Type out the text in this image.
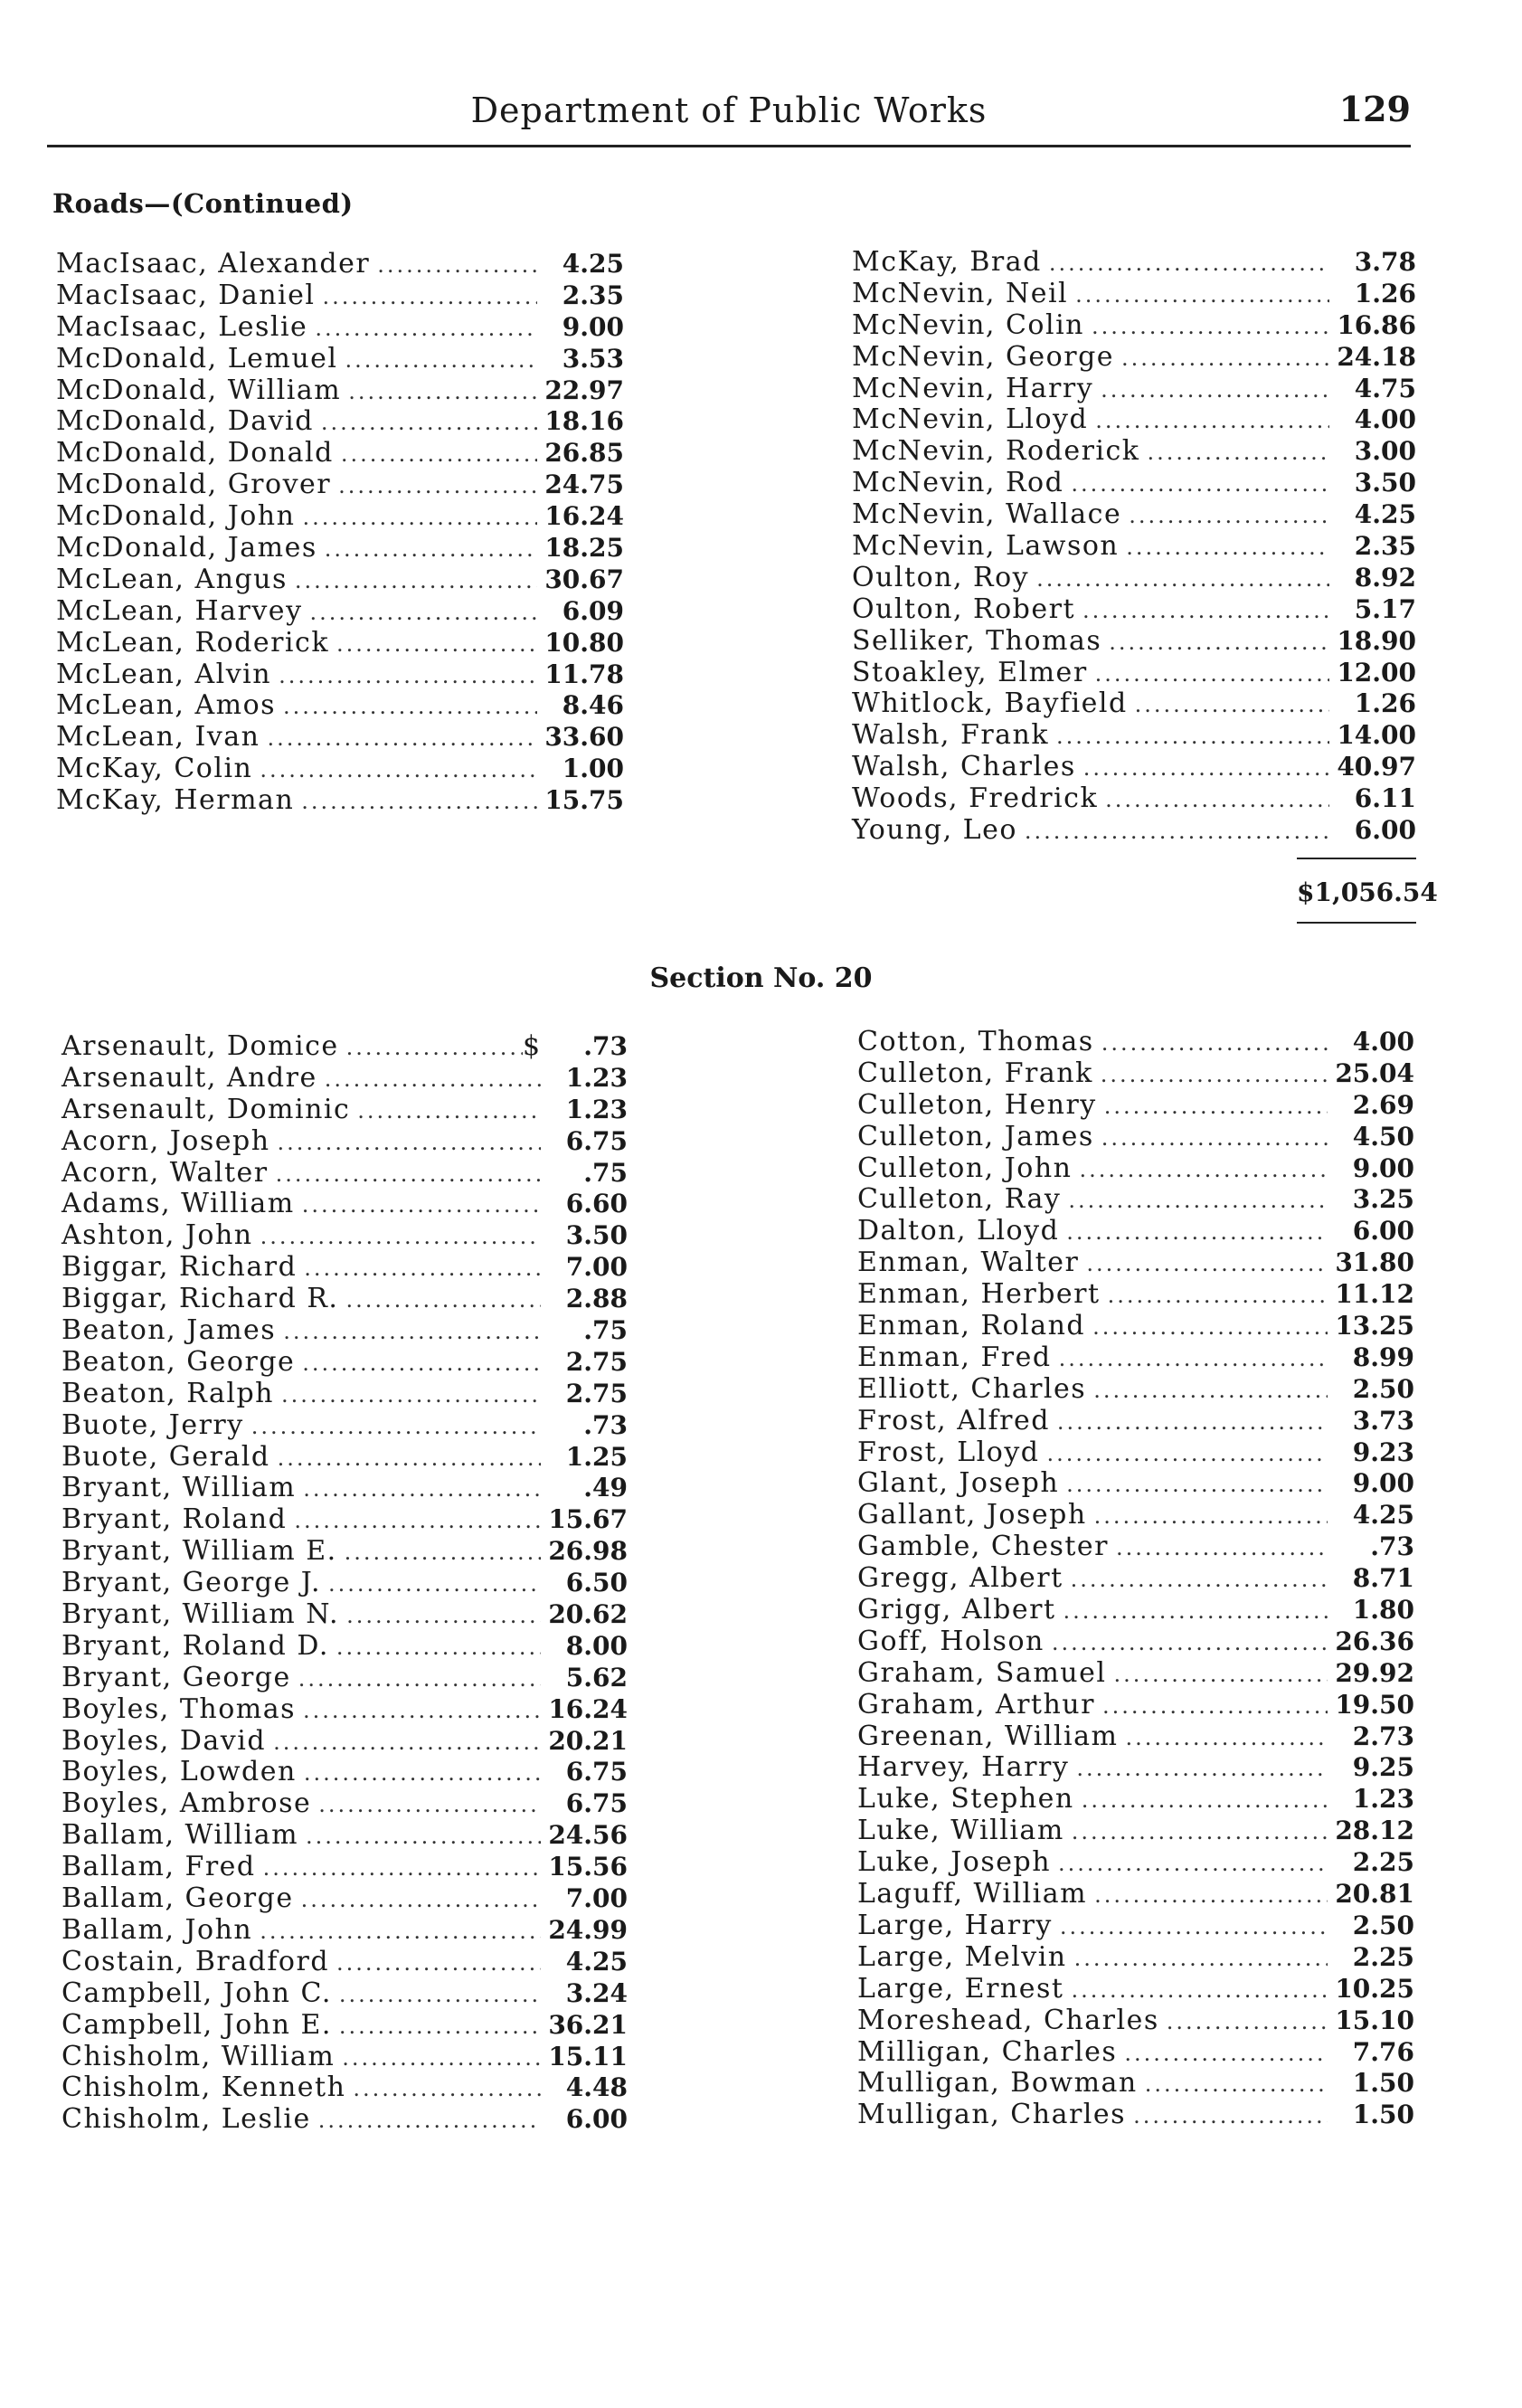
Department of Public Works	129
Roads—(Continued)
MacIsaac, Alexander .....	4.25
MacIsaac, Daniel .....	2.35
MacIsaac, Leslie .....	9.00
McDonald, Lemuel .....	3.53
McDonald, William .....	22.97
McDonald, David .....	18.16
McDonald, Donald .....	26.85
McDonald, Grover .....	24.75
McDonald, John .....	16.24
McDonald, James .....	18.25
McLean, Angus .....	30.67
McLean, Harvey .....	6.09
McLean, Roderick .....	10.80
McLean, Alvin .....	11.78
McLean, Amos .....	8.46
McLean, Ivan .....	33.60
McKay, Colin .....	1.00
McKay, Herman .....	15.75
McKay, Brad .....	3.78
McNevin, Neil .....	1.26
McNevin, Colin .....	16.86
McNevin, George .....	24.18
McNevin, Harry .....	4.75
McNevin, Lloyd .....	4.00
McNevin, Roderick .....	3.00
McNevin, Rod .....	3.50
McNevin, Wallace .....	4.25
McNevin, Lawson .....	2.35
Oulton, Roy .....	8.92
Oulton, Robert .....	5.17
Selliker, Thomas .....	18.90
Stoakley, Elmer .....	12.00
Whitlock, Bayfield .....	1.26
Walsh, Frank .....	14.00
Walsh, Charles .....	40.97
Woods, Fredrick .....	6.11
Young, Leo .....	6.00
$1,056.54
Section No. 20
Arsenault, Domice .....	$	.73
Arsenault, Andre .....	1.23
Arsenault, Dominic .....	1.23
Acorn, Joseph .....	6.75
Acorn, Walter .....	.75
Adams, William .....	6.60
Ashton, John .....	3.50
Biggar, Richard .....	7.00
Biggar, Richard R. .....	2.88
Beaton, James .....	.75
Beaton, George .....	2.75
Beaton, Ralph .....	2.75
Buote, Jerry .....	.73
Buote, Gerald .....	1.25
Bryant, William .....	.49
Bryant, Roland .....	15.67
Bryant, William E. .....	26.98
Bryant, George J. .....	6.50
Bryant, William N. .....	20.62
Bryant, Roland D. .....	8.00
Bryant, George .....	5.62
Boyles, Thomas .....	16.24
Boyles, David .....	20.21
Boyles, Lowden .....	6.75
Boyles, Ambrose .....	6.75
Ballam, William .....	24.56
Ballam, Fred .....	15.56
Ballam, George .....	7.00
Ballam, John .....	24.99
Costain, Bradford .....	4.25
Campbell, John C. .....	3.24
Campbell, John E. .....	36.21
Chisholm, William .....	15.11
Chisholm, Kenneth .....	4.48
Chisholm, Leslie .....	6.00
Cotton, Thomas .....	4.00
Culleton, Frank .....	25.04
Culleton, Henry .....	2.69
Culleton, James .....	4.50
Culleton, John .....	9.00
Culleton, Ray .....	3.25
Dalton, Lloyd .....	6.00
Enman, Walter .....	31.80
Enman, Herbert .....	11.12
Enman, Roland .....	13.25
Enman, Fred .....	8.99
Elliott, Charles .....	2.50
Frost, Alfred .....	3.73
Frost, Lloyd .....	9.23
Glant, Joseph .....	9.00
Gallant, Joseph .....	4.25
Gamble, Chester .....	.73
Gregg, Albert .....	8.71
Grigg, Albert .....	1.80
Goff, Holson .....	26.36
Graham, Samuel .....	29.92
Graham, Arthur .....	19.50
Greenan, William .....	2.73
Harvey, Harry .....	9.25
Luke, Stephen .....	1.23
Luke, William .....	28.12
Luke, Joseph .....	2.25
Laguff, William .....	20.81
Large, Harry .....	2.50
Large, Melvin .....	2.25
Large, Ernest .....	10.25
Moreshead, Charles .....	15.10
Milligan, Charles .....	7.76
Mulligan, Bowman .....	1.50
Mulligan, Charles .....	1.50
